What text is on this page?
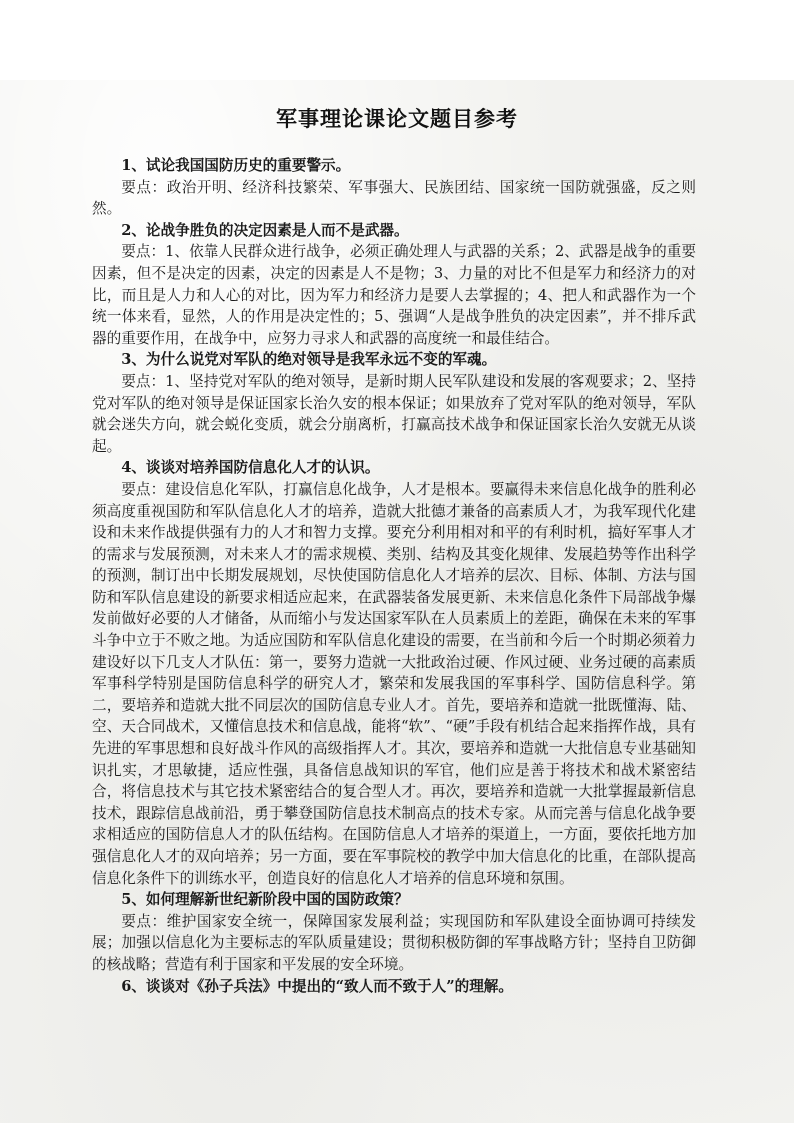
军事理论课论文题目参考

1、试论我国国防历史的重要警示。

要点：政治开明、经济科技繁荣、军事强大、民族团结、国家统一国防就强盛，反之则然。

2、论战争胜负的决定因素是人而不是武器。

要点：1、依靠人民群众进行战争，必须正确处理人与武器的关系；2、武器是战争的重要因素，但不是决定的因素，决定的因素是人不是物；3、力量的对比不但是军力和经济力的对比，而且是人力和人心的对比，因为军力和经济力是要人去掌握的；4、把人和武器作为一个统一体来看，显然，人的作用是决定性的；5、强调“人是战争胜负的决定因素”，并不排斥武器的重要作用，在战争中，应努力寻求人和武器的高度统一和最佳结合。

3、为什么说党对军队的绝对领导是我军永远不变的军魂。

要点：1、坚持党对军队的绝对领导，是新时期人民军队建设和发展的客观要求；2、坚持党对军队的绝对领导是保证国家长治久安的根本保证；如果放弃了党对军队的绝对领导，军队就会迷失方向，就会蜕化变质，就会分崩离析，打赢高技术战争和保证国家长治久安就无从谈起。

4、谈谈对培养国防信息化人才的认识。

要点：建设信息化军队，打赢信息化战争，人才是根本。要赢得未来信息化战争的胜利必须高度重视国防和军队信息化人才的培养，造就大批德才兼备的高素质人才，为我军现代化建设和未来作战提供强有力的人才和智力支撑。要充分利用相对和平的有利时机，搞好军事人才的需求与发展预测，对未来人才的需求规模、类别、结构及其变化规律、发展趋势等作出科学的预测，制订出中长期发展规划，尽快使国防信息化人才培养的层次、目标、体制、方法与国防和军队信息建设的新要求相适应起来，在武器装备发展更新、未来信息化条件下局部战争爆发前做好必要的人才储备，从而缩小与发达国家军队在人员素质上的差距，确保在未来的军事斗争中立于不败之地。为适应国防和军队信息化建设的需要，在当前和今后一个时期必须着力建设好以下几支人才队伍：第一，要努力造就一大批政治过硬、作风过硬、业务过硬的高素质军事科学特别是国防信息科学的研究人才，繁荣和发展我国的军事科学、国防信息科学。第二，要培养和造就大批不同层次的国防信息专业人才。首先，要培养和造就一批既懂海、陆、空、天合同战术，又懂信息技术和信息战，能将“软”、“硬”手段有机结合起来指挥作战，具有先进的军事思想和良好战斗作风的高级指挥人才。其次，要培养和造就一大批信息专业基础知识扎实，才思敏捷，适应性强，具备信息战知识的军官，他们应是善于将技术和战术紧密结合，将信息技术与其它技术紧密结合的复合型人才。再次，要培养和造就一大批掌握最新信息技术，跟踪信息战前沿，勇于攀登国防信息技术制高点的技术专家。从而完善与信息化战争要求相适应的国防信息人才的队伍结构。在国防信息人才培养的渠道上，一方面，要依托地方加强信息化人才的双向培养；另一方面，要在军事院校的教学中加大信息化的比重，在部队提高信息化条件下的训练水平，创造良好的信息化人才培养的信息环境和氛围。

5、如何理解新世纪新阶段中国的国防政策？

要点：维护国家安全统一，保障国家发展利益；实现国防和军队建设全面协调可持续发展；加强以信息化为主要标志的军队质量建设；贯彻积极防御的军事战略方针；坚持自卫防御的核战略；营造有利于国家和平发展的安全环境。

6、谈谈对《孙子兵法》中提出的“致人而不致于人”的理解。
